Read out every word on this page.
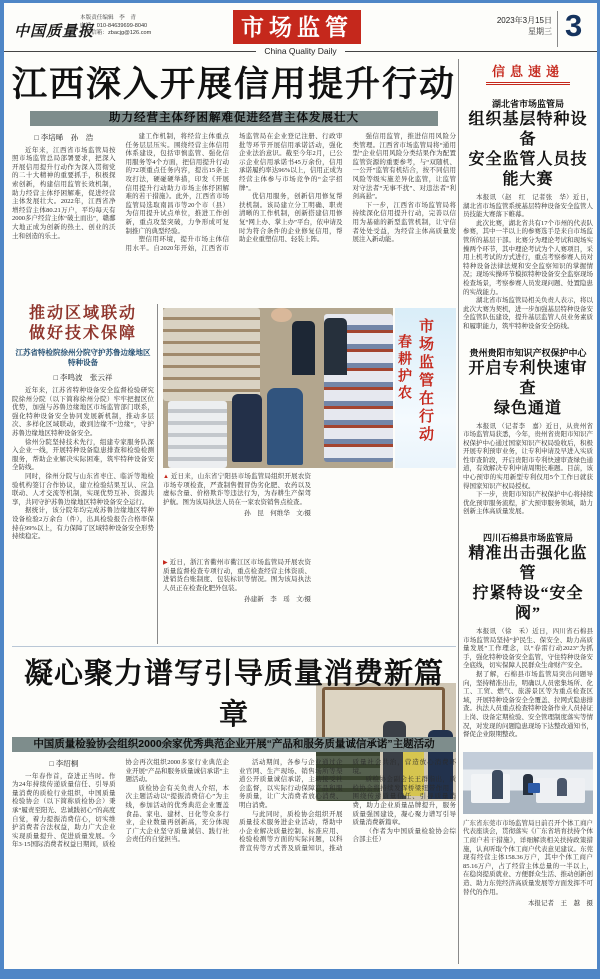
中国质量报
本版责任编辑　李　青
电话：010-84639699-8040
电子信箱：zbacjg@126.com	市场监管	2023年3月15日
星期三 3
China Quality Daily
江西深入开展信用提升行动
助力经营主体纾困解难促进经营主体发展壮大
□ 李培晞　孙　浩

近年来，江西省市场监管局按照市场监管总局部署要求，把深入开展信用提升行动作为深入贯彻党的二十大精神的重要抓手，积极探索创新，构建信用监管长效机制，助力经营主体纾困解难，促进经营主体发展壮大。2022年，江西省净增经营主体80.21万户，平均每天有2000多户经营主体“破土而出”，赣鄱大地正成为创新的热土、创业的沃土和创造的乐土。

建工作机制，将经营主体重点任务层层压实。围绕经营主体信用体系建设，包括审慎监管、强化信用服务等4个方面，把信用提升行动的72项重点任务内容，提出15条主攻打法，硬碰硬举措，印发《开展信用提升行动助力市场主体纾困解难的若干措施》。此外，江西省市场监管局选取南昌市等20个市（县）为信用提升试点单位，推进工作创新，重点攻坚突破，力争形成可复制推广的典型经验。

塑信用环境，提升市场主体信用水平。自2020年开始，江西省市场监管局在企业登记注册、行政审批等环节开展信用承诺活动，强化企业法治意识。截至今年2月，已公示企业信用承诺书45万余份，信用承诺履约率达96%以上，信用正成为经营主体参与市场竞争的“金字招牌”。

优信用服务，创新信用修复帮扶机制。该局建立分工明确、职责清晰的工作机制，创新搭建信用修复“网上办、掌上办”平台，依申请及时为符合条件的企业修复信用，帮助企业重塑信用、轻装上阵。

强信用监管，推进信用风险分类管理。江西省市场监管局将“通用型”企业信用风险分类结果作为配置监管资源的重要参考，与“双随机、一公开”监管有机结合，按不同信用风险等级实施差异化监管，让监管对守法者“无事不扰”、对违法者“利剑高悬”。

下一步，江西省市场监管局将持续深化信用提升行动，完善以信用为基础的新型监管机制，让守信者处处受益，为经营主体高质量发展注入新动能。

推动区域联动
做好技术保障
江苏省特检院徐州分院守护苏鲁边缘地区特种设备
□ 李鸣波　张云祥

近年来，江苏省特种设备安全监督检验研究院徐州分院（以下简称徐州分院）牢牢把握区位优势，加强与苏鲁边缘地区市场监管部门联系，强化特种设备安全协同发展新机制，推动多层次、多样化区域联动，敢到边缘不“边缘”，守护苏鲁边缘地区特种设备安全。

徐州分院坚持技术先行，组建专家服务队深入企业一线，开展特种设备隐患排查和检验检测服务，帮助企业解决实际困难，筑牢特种设备安全防线。

同时，徐州分院与山东省枣庄、临沂等地检验机构签订合作协议，建立检验结果互认、应急联动、人才交流等机制，实现优势互补、资源共享，共同守护苏鲁边缘地区特种设备安全运行。

据统计，该分院年均完成苏鲁边缘地区特种设备检验2万余台（件），出具检验报告合格率保持在99%以上，有力保障了区域特种设备安全形势持续稳定。

市场监管在行动 春耕护农
▲ 近日来，山东省宁阳县市场监管局组织开展农资市场专项检查，严查制售假冒伪劣化肥、农药以及虚标含量、价格欺诈等违法行为，为春耕生产保驾护航。图为该局执法人员在一家农资销售点检查。
孙　昆　何维华　文/摄
▶ 近日，浙江省衢州市衢江区市场监管局开展农资质量监督检查专项行动，重点检查经营主体资质、进销货台账制度、包装标识等情况。图为该局执法人员正在检查化肥外包装。
孙建新　李　瑶　文/摄
凝心聚力谱写引导质量消费新篇章
中国质量检验协会组织2000余家优秀典范企业开展“产品和服务质量诚信承诺”主题活动
□ 李绍桐

一年春作首，奋进正当时。作为24年持续传递质量信任、引导质量消费的质检行业组织，中国质量检验协会（以下简称质检协会）秉承“履责至阳光、忠诚践初心”的高度自觉，着力提振消费信心，切实维护消费者合法权益，助力广大企业实现质量提升、促进质量发展。今年3·15国际消费者权益日期间，质检协会再次组织2000多家行业典范企业开展“产品和服务质量诚信承诺”主题活动。

质检协会有关负责人介绍，本次主题活动以“提振消费信心”为主线，参加活动的优秀典范企业覆盖食品、家电、建材、日化等众多行业，企业数量再创新高，充分体现了广大企业坚守质量诚信、践行社会责任的自觉担当。

活动期间，各参与企业通过企业官网、生产现场、销售场所等渠道公开质量诚信承诺，主动接受社会监督，以实际行动保障产品和服务质量，让广大消费者放心消费、明白消费。

与此同时，质检协会组织开展质量技术服务进企业活动，帮助中小企业解决质量控制、标准应用、检验检测等方面的实际问题，以科普宣传等方式普及质量知识，推动质量社会共治，营造放心消费环境。

质检协会副会长王群指出，质检协会将持续发挥桥梁纽带作用，围绕传递质量信任、引导质量消费，助力企业质量品牌提升，服务质量强国建设，凝心聚力谱写引导质量消费新篇章。

（作者为中国质量检验协会综合部主任）

信息速递
湖北省市场监管局
组织基层特种设备
安全监管人员技能大赛

本报讯 （赵　红　记者张　华）近日，湖北省市场监管系统基层特种设备安全监管人员技能大赛落下帷幕。

此次比赛，湖北省共有17个市州的代表队参赛，其中一半以上的参赛选手是来自市场监管所的基层干部。比赛分为理论考试和现场实操两个环节，其中理论考试为个人赛项目，采用上机考试的方式进行，重点考察参赛人员对特种设备法律法规和安全监察知识的掌握情况；现场实操环节模拟特种设备安全监察现场检查场景，考察参赛人员发现问题、处置隐患的实战能力。

湖北省市场监管局相关负责人表示，将以此次大赛为契机，进一步加强基层特种设备安全监管队伍建设，提升基层监管人员业务素质和履职能力，筑牢特种设备安全防线。

贵州贵阳市知识产权保护中心
开启专利快速审查
绿色通道

本报讯 （记者李　嘉）近日，从贵州省市场监管局获悉，今年，贵州省贵阳市知识产权保护中心通过国家知识产权局验收后，积极开展专利预审业务，让专利申请及早进入实质性审查阶段，开启贵阳市专利快速审查绿色通道，有效解决专利申请周期长难题。目前，该中心预审的实用新型专利仅用5个工作日就获得国家知识产权局授权。

下一步，贵阳市知识产权保护中心将持续优化预审服务流程，扩大预审服务领域，助力创新主体高质量发展。

四川石棉县市场监管局
精准出击强化监管
拧紧特设“安全阀”

本报讯 （徐　禾）近日，四川省石棉县市场监管局坚持“护民生、保安全、助力高质量发展”工作理念，以“春雷行动2023”为抓手，强化特种设备安全监管，守住特种设备安全底线，切实保障人民群众生命财产安全。

据了解，石棉县市场监管局突出问题导向，坚持精准出击，明确以人员密集场所、化工、工贸、燃气、旅游景区等为重点检查区域，开展特种设备安全全覆盖、拉网式隐患排查。执法人员重点检查特种设备作业人员持证上岗、设备定期检验、安全管理制度落实等情况，对发现的问题隐患现场下达整改通知书，督促企业限期整改。

广东省东莞市市场监管局日前召开个体工商户代表座谈会，贯彻落实《广东省培育扶持个体工商户若干措施》，详细解读相关扶持政策措施，认真听取个体工商户代表意见建议。东莞现有经营主体158.36万户，其中个体工商户85.16万户，占了经营主体总量的一半以上，在稳岗提质就业、方便群众生活、推动创新创造、助力东莞经济高质量发展等方面发挥不可替代的作用。
本报记者　王　越　摄
